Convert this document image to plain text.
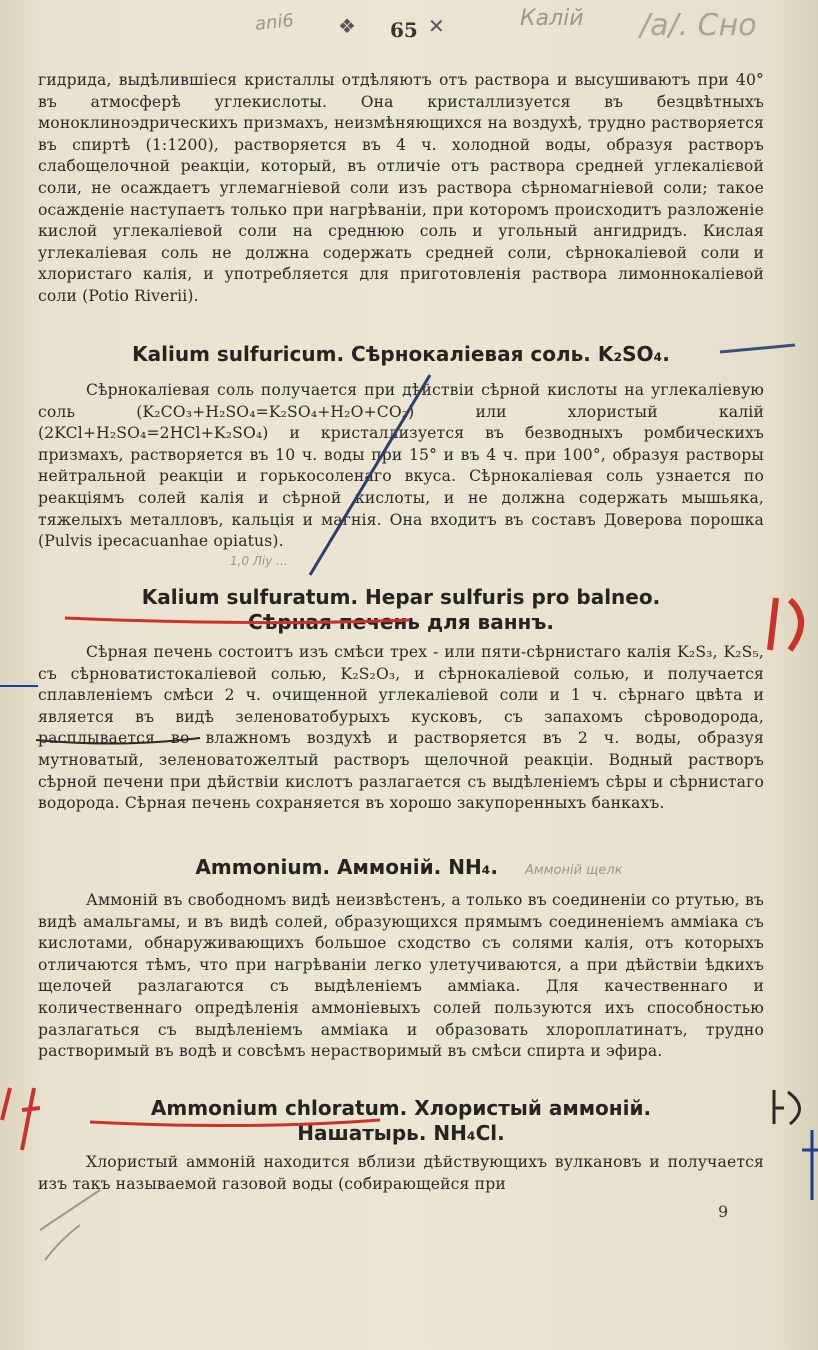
ani6 ❖ 65 ✕	Калій /а/. Сно

гидрида, выдѣлившіеся кристаллы отдѣляютъ отъ раствора и высушиваютъ при 40° въ атмосферѣ углекислоты. Она кристаллизуется въ безцвѣтныхъ моноклиноэдрическихъ призмахъ, неизмѣняющихся на воздухѣ, трудно растворяется въ спиртѣ (1:1200), растворяется въ 4 ч. холодной воды, образуя растворъ слабощелочной реакціи, который, въ отличіе отъ раствора средней углекалієвой соли, не осаждаетъ углемагніевой соли изъ раствора сѣрномагніевой соли; такое осажденіе наступаетъ только при нагрѣваніи, при которомъ происходитъ разложеніе кислой углекаліевой соли на среднюю соль и угольный ангидридъ. Кислая углекаліевая соль не должна содержать средней соли, сѣрнокаліевой соли и хлористаго калія, и употребляется для приготовленія раствора лимоннокаліевой соли (Potio Riverii).

Kalium sulfuricum. Сѣрнокаліевая соль. K₂SO₄.

Сѣрнокаліевая соль получается при дѣйствіи сѣрной кислоты на углекаліевую соль (K₂CO₃+H₂SO₄=K₂SO₄+H₂O+CO₂) или хлористый калій (2KCl+H₂SO₄=2HCl+K₂SO₄) и кристаллизуется въ безводныхъ ромбическихъ призмахъ, растворяется въ 10 ч. воды при 15° и въ 4 ч. при 100°, образуя растворы нейтральной реакціи и горькосоленаго вкуса. Сѣрнокаліевая соль узнается по реакціямъ солей калія и сѣрной кислоты, и не должна содержать мышьяка, тяжелыхъ металловъ, кальція и магнія. Она входитъ въ составъ Доверова порошка (Pulvis ipecacuanhae opiatus).

1,0 Ліу ...
Kalium sulfuratum. Hepar sulfuris pro balneo.
Сѣрная печень для ваннъ.

Сѣрная печень состоитъ изъ смѣси трех - или пяти-сѣрнистаго калія K₂S₃, K₂S₅, съ сѣрноватистокаліевой солью, K₂S₂O₃, и сѣрнокаліевой солью, и получается сплавленіемъ смѣси 2 ч. очищенной углекаліевой соли и 1 ч. сѣрнаго цвѣта и является въ видѣ зеленоватобурыхъ кусковъ, съ запахомъ сѣроводорода, расплывается во влажномъ воздухѣ и растворяется въ 2 ч. воды, образуя мутноватый, зеленоватожелтый растворъ щелочной реакціи. Водный растворъ сѣрной печени при дѣйствіи кислотъ разлагается съ выдѣленіемъ сѣры и сѣрнистаго водорода. Сѣрная печень сохраняется въ хорошо закупоренныхъ банкахъ.

Ammonium. Аммоній. NH₄. Аммоній щелк

Аммоній въ свободномъ видѣ неизвѣстенъ, а только въ соединеніи со ртутью, въ видѣ амальгамы, и въ видѣ солей, образующихся прямымъ соединеніемъ амміака съ кислотами, обнаруживающихъ большое сходство съ солями калія, отъ которыхъ отличаются тѣмъ, что при нагрѣваніи легко улетучиваются, а при дѣйствіи ѣдкихъ щелочей разлагаются съ выдѣленіемъ амміака. Для качественнаго и количественнаго опредѣленія аммоніевыхъ солей пользуются ихъ способностью разлагаться съ выдѣленіемъ амміака и образовать хлороплатинатъ, трудно растворимый въ водѣ и совсѣмъ нерастворимый въ смѣси спирта и эфира.

Ammonium chloratum. Хлористый аммоній.
Нашатырь. NH₄Cl.

Хлористый аммоній находится вблизи дѣйствующихъ вулкановъ и получается изъ такъ называемой газовой воды (собирающейся при

9
